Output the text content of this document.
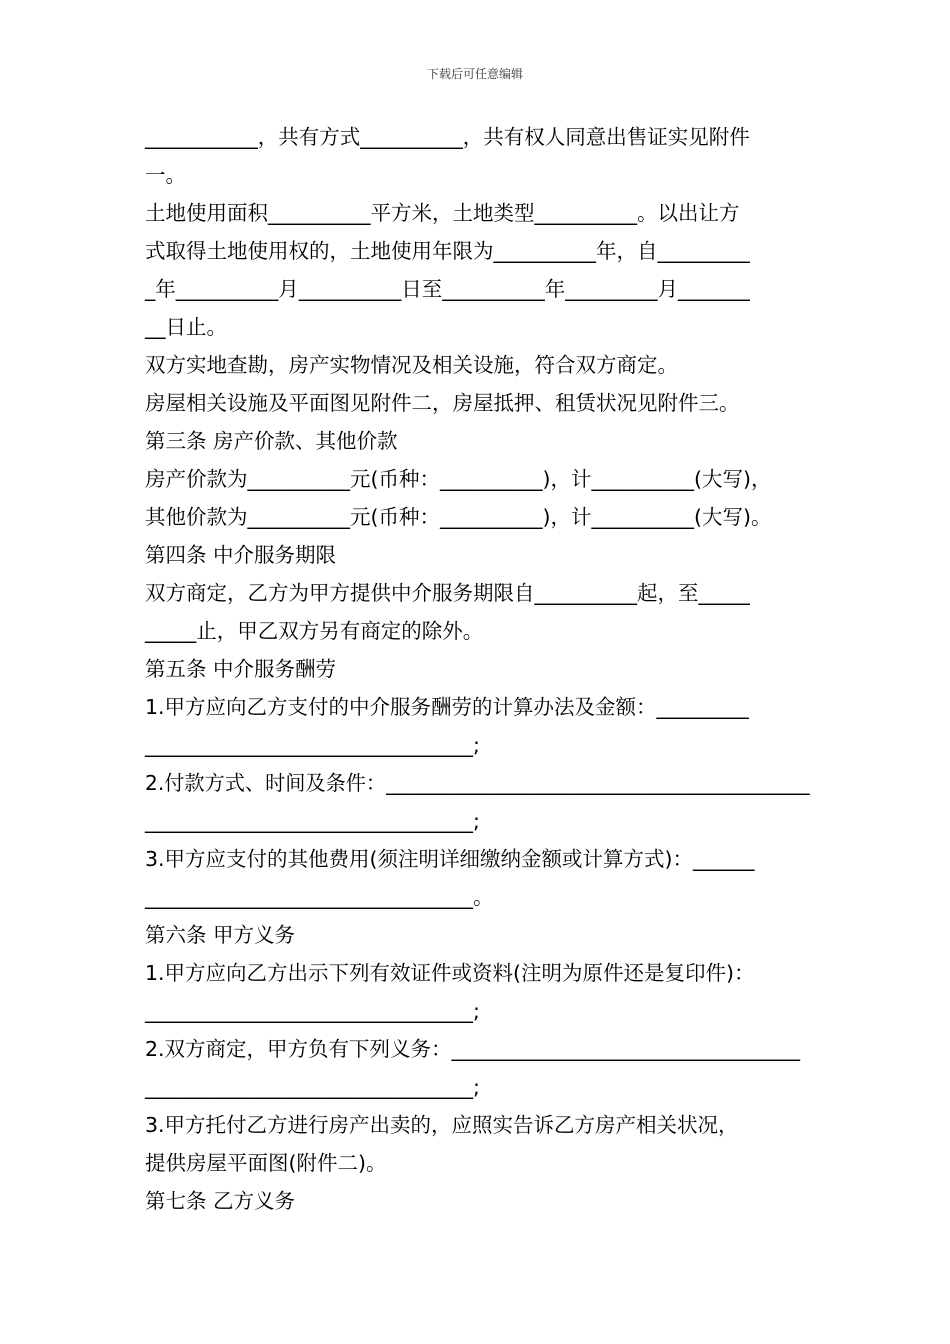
下载后可任意编辑
___________，共有方式__________，共有权人同意出售证实见附件
一。
土地使用面积__________平方米，土地类型__________。以出让方
式取得土地使用权的，土地使用年限为__________年，自_________
_年__________月__________日至__________年_________月_______
__日止。
双方实地查勘，房产实物情况及相关设施，符合双方商定。
房屋相关设施及平面图见附件二，房屋抵押、租赁状况见附件三。
第三条 房产价款、其他价款
房产价款为__________元(币种：__________)，计__________(大写)，
其他价款为__________元(币种：__________)，计__________(大写)。
第四条 中介服务期限
双方商定，乙方为甲方提供中介服务期限自__________起，至_____
_____止，甲乙双方另有商定的除外。
第五条 中介服务酬劳
1.甲方应向乙方支付的中介服务酬劳的计算办法及金额：_________
________________________________;
2.付款方式、时间及条件：__________________________________________
________________________________;
3.甲方应支付的其他费用(须注明详细缴纳金额或计算方式)：______
________________________________。
第六条 甲方义务
1.甲方应向乙方出示下列有效证件或资料(注明为原件还是复印件)：
________________________________;
2.双方商定，甲方负有下列义务：__________________________________
________________________________;
3.甲方托付乙方进行房产出卖的，应照实告诉乙方房产相关状况，
提供房屋平面图(附件二)。
第七条 乙方义务
